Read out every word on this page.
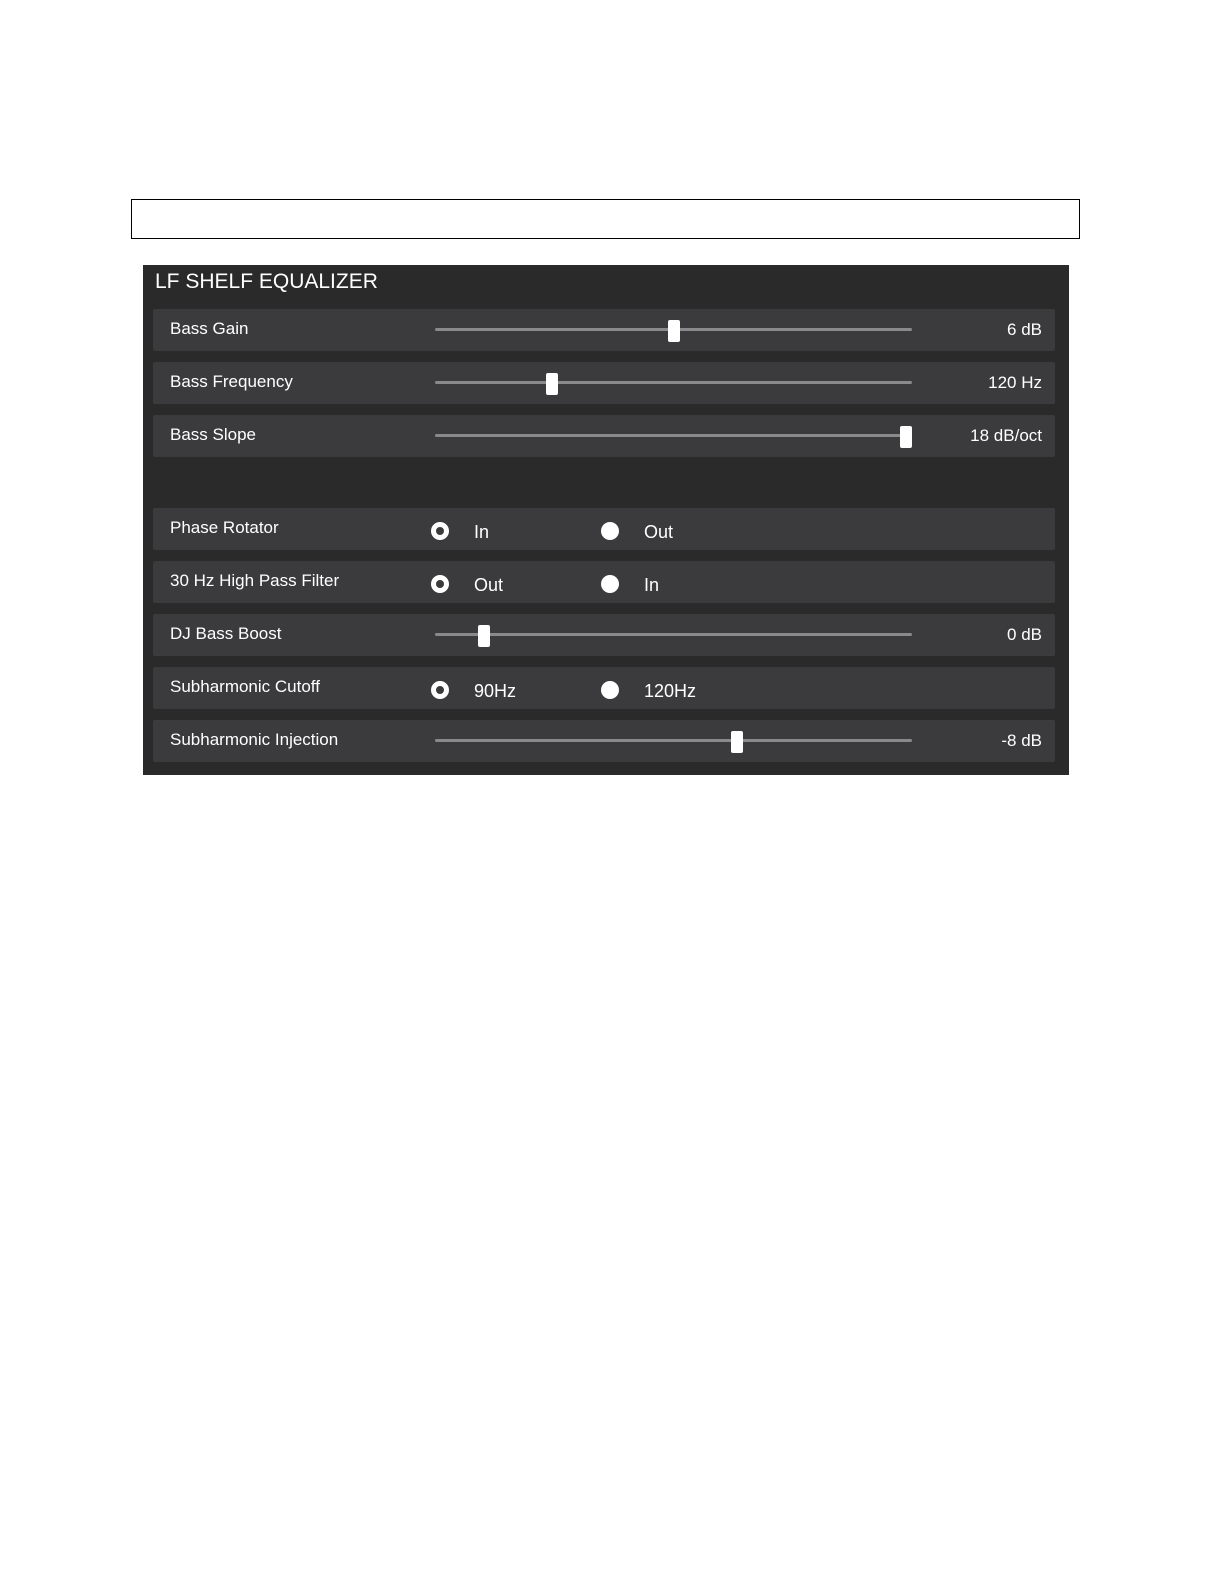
LF SHELF EQUALIZER
Bass Gain	6 dB
Bass Frequency	120 Hz
Bass Slope	18 dB/oct
Phase Rotator	In	Out
30 Hz High Pass Filter	Out	In
DJ Bass Boost	0 dB
Subharmonic Cutoff	90Hz	120Hz
Subharmonic Injection	-8 dB
